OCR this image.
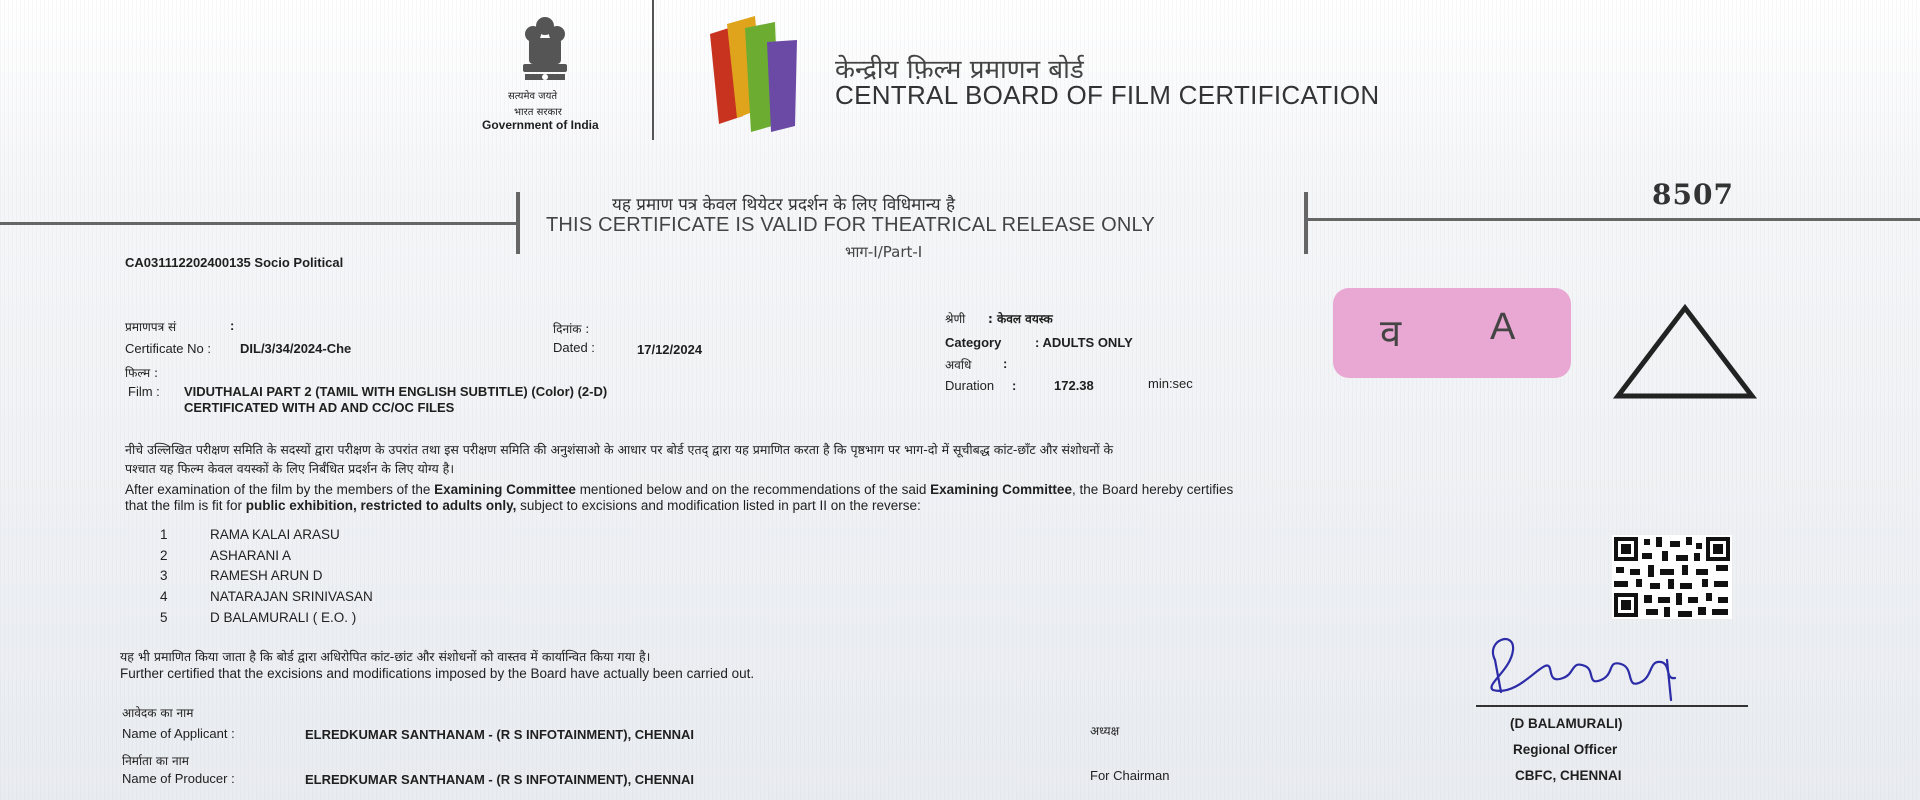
सत्यमेव जयते
भारत सरकार
Government of India
केन्द्रीय फ़िल्म प्रमाणन बोर्ड
CENTRAL BOARD OF FILM CERTIFICATION
यह प्रमाण पत्र केवल थियेटर प्रदर्शन के लिए विधिमान्य है
THIS CERTIFICATE IS VALID FOR THEATRICAL RELEASE ONLY
भाग-I/Part-I
8507
CA031112202400135 Socio Political
प्रमाणपत्र सं	:
Certificate No : DIL/3/34/2024-Che
दिनांक :
Dated :	17/12/2024
फिल्म :
Film : VIDUTHALAI PART 2 (TAMIL WITH ENGLISH SUBTITLE) (Color) (2-D)
CERTIFICATED WITH AD AND CC/OC FILES
श्रेणी : केवल वयस्क
Category	: ADULTS ONLY
अवधि :
Duration :	172.38	min:sec
व A
नीचे उल्लिखित परीक्षण समिति के सदस्यों द्वारा परीक्षण के उपरांत तथा इस परीक्षण समिति की अनुशंसाओ के आधार पर बोर्ड एतद् द्वारा यह प्रमाणित करता है कि पृष्ठभाग पर भाग-दो में सूचीबद्ध कांट-छाँट और संशोधनों के
पश्चात यह फिल्म केवल वयस्कों के लिए निर्बंधित प्रदर्शन के लिए योग्य है।
After examination of the film by the members of the Examining Committee mentioned below and on the recommendations of the said Examining Committee, the Board hereby certifies
that the film is fit for public exhibition, restricted to adults only, subject to excisions and modification listed in part II on the reverse:
1	RAMA KALAI ARASU
2	ASHARANI A
3	RAMESH ARUN D
4	NATARAJAN SRINIVASAN
5	D BALAMURALI ( E.O. )
यह भी प्रमाणित किया जाता है कि बोर्ड द्वारा अधिरोपित कांट-छांट और संशोधनों को वास्तव में कार्यान्वित किया गया है।
Further certified that the excisions and modifications imposed by the Board have actually been carried out.
आवेदक का नाम
Name of Applicant :	ELREDKUMAR SANTHANAM - (R S INFOTAINMENT), CHENNAI
निर्माता का नाम
Name of Producer :	ELREDKUMAR SANTHANAM - (R S INFOTAINMENT), CHENNAI
अध्यक्ष
For Chairman
(D BALAMURALI)
Regional Officer
CBFC, CHENNAI
